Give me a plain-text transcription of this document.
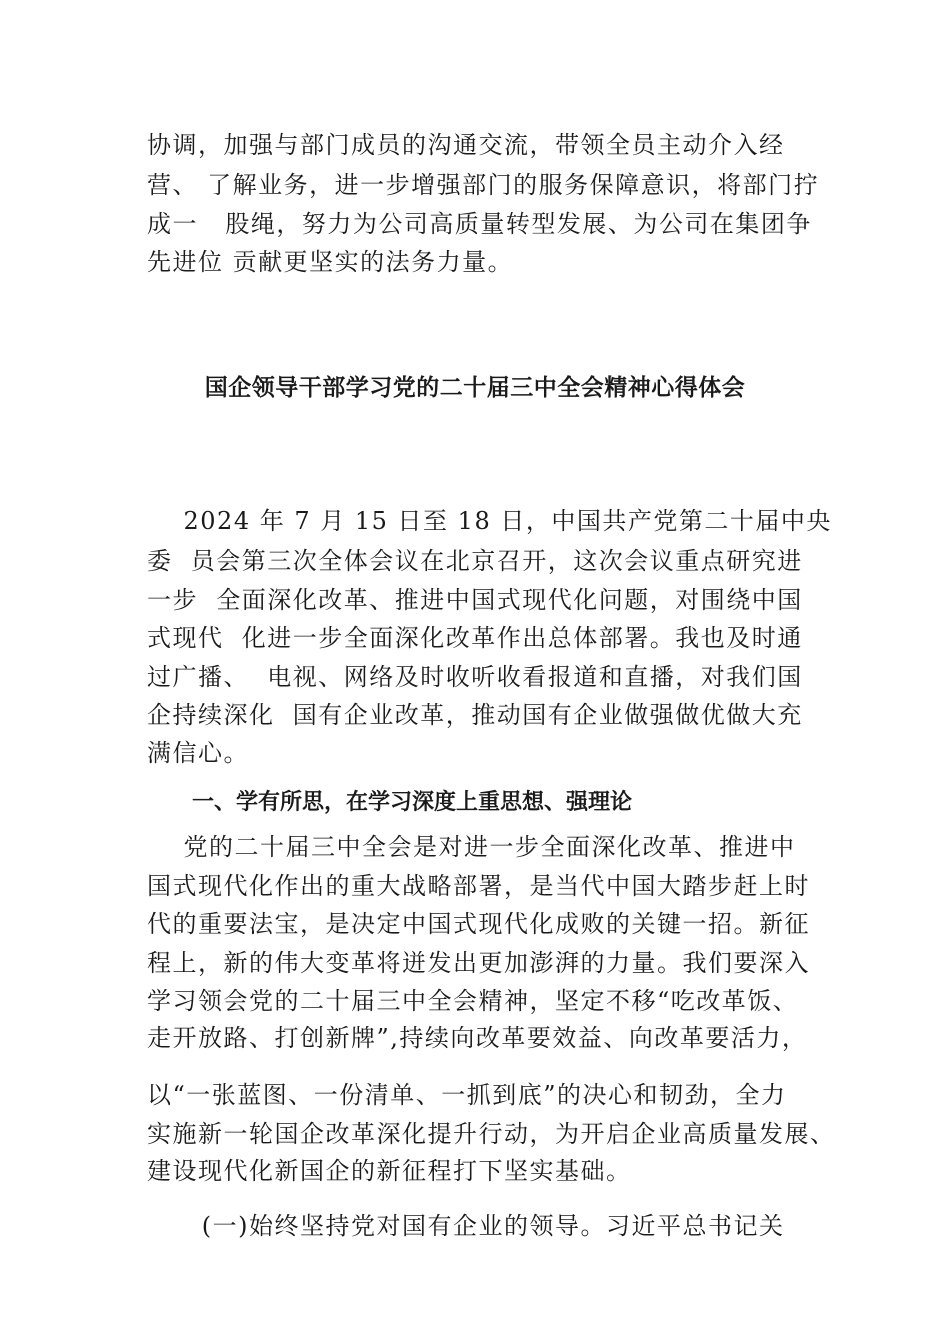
协调，加强与部门成员的沟通交流，带领全员主动介入经
营、 了解业务，进一步增强部门的服务保障意识，将部门拧
成一   股绳，努力为公司高质量转型发展、为公司在集团争
先进位 贡献更坚实的法务力量。
国企领导干部学习党的二十届三中全会精神心得体会
2024 年 7 月 15 日至 18 日，中国共产党第二十届中央
委  员会第三次全体会议在北京召开，这次会议重点研究进
一步  全面深化改革、推进中国式现代化问题，对围绕中国
式现代  化进一步全面深化改革作出总体部署。我也及时通
过广播、  电视、网络及时收听收看报道和直播，对我们国
企持续深化  国有企业改革，推动国有企业做强做优做大充
满信心。
一、学有所思，在学习深度上重思想、强理论
党的二十届三中全会是对进一步全面深化改革、推进中
国式现代化作出的重大战略部署，是当代中国大踏步赶上时
代的重要法宝，是决定中国式现代化成败的关键一招。新征
程上，新的伟大变革将迸发出更加澎湃的力量。我们要深入
学习领会党的二十届三中全会精神，坚定不移“吃改革饭、
走开放路、打创新牌”,持续向改革要效益、向改革要活力，
以“一张蓝图、一份清单、一抓到底”的决心和韧劲，全力
实施新一轮国企改革深化提升行动，为开启企业高质量发展、
建设现代化新国企的新征程打下坚实基础。
(一)始终坚持党对国有企业的领导。习近平总书记关
